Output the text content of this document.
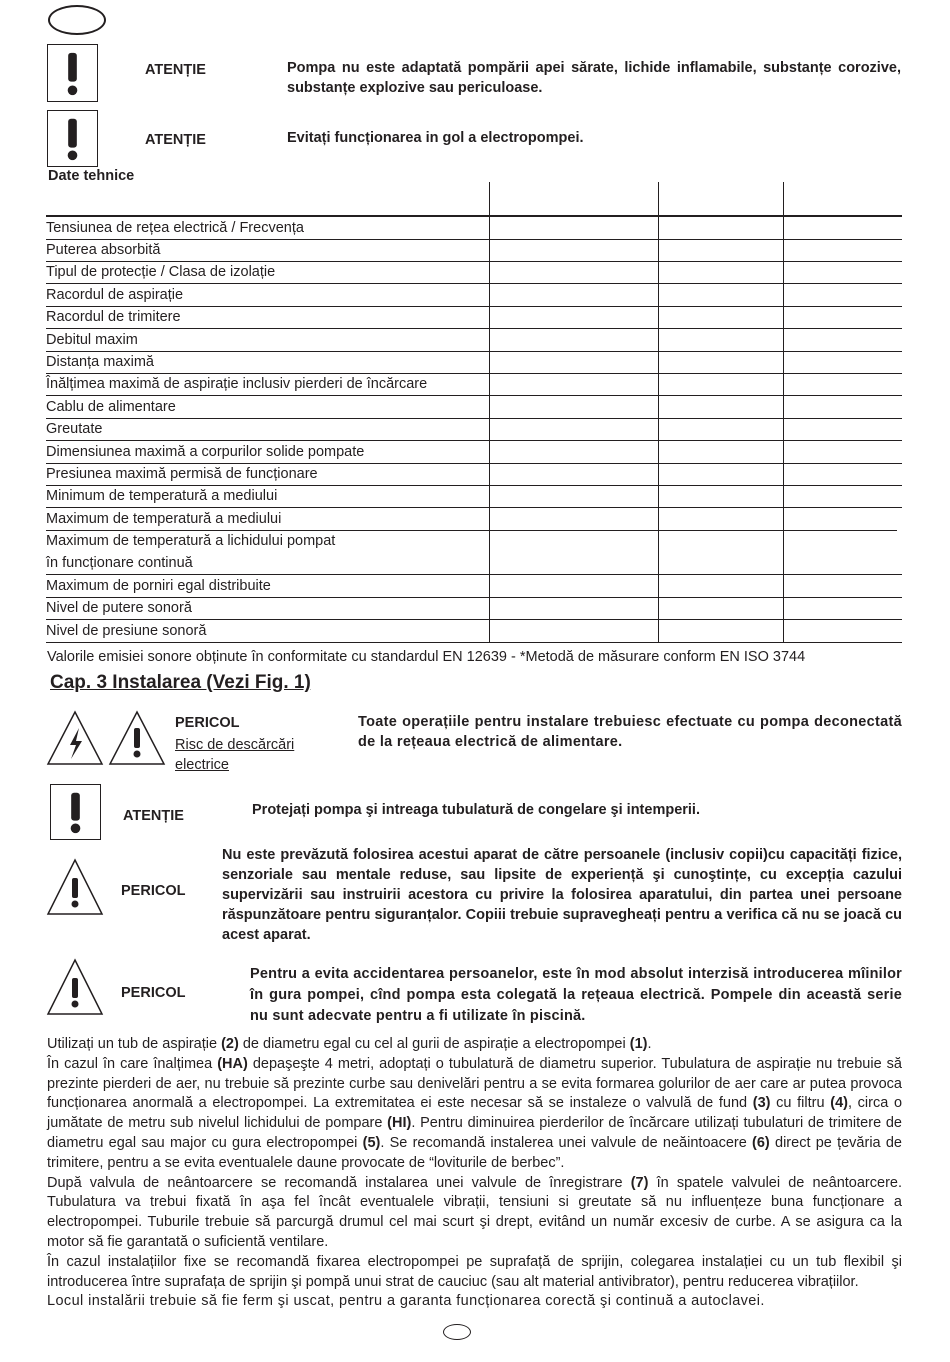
ATENȚIE	Pompa nu este adaptată pompării apei sărate, lichide inflamabile, substanțe corozive, substanțe explozive sau periculoase.
ATENȚIE	Evitați funcționarea in gol a electropompei.
Date tehnice
Tensiunea de rețea electrică / Frecvența
Puterea absorbită
Tipul de protecție / Clasa de izolație
Racordul de aspirație
Racordul de trimitere
Debitul maxim
Distanța maximă
Înălțimea maximă de aspirație inclusiv pierderi de încărcare
Cablu de alimentare
Greutate
Dimensiunea maximă a corpurilor solide pompate
Presiunea maximă permisă de funcționare
Minimum de temperatură a mediului
Maximum de temperatură a mediului
Maximum de temperatură a lichidului pompat
în funcționare continuă
Maximum de porniri egal distribuite
Nivel de putere sonoră
Nivel de presiune sonoră
Valorile emisiei sonore obținute în conformitate cu standardul EN 12639 - *Metodă de măsurare conform EN ISO 3744
Cap. 3 Instalarea (Vezi Fig. 1)
PERICOL
Risc de descărcări
electrice
Toate operațiile pentru instalare trebuiesc efectuate cu pompa deconectată de la rețeaua electrică de alimentare.
ATENȚIE	Protejați pompa şi intreaga tubulatură de congelare şi intemperii.
PERICOL
Nu este prevăzută folosirea acestui aparat de către persoanele (inclusiv copii)cu capacități fizice, senzoriale sau mentale reduse, sau lipsite de experiență şi cunoştințe, cu excepția cazului supervizării sau instruirii acestora cu privire la folosirea aparatului, din partea unei persoane răspunzătoare pentru siguranțalor. Copiii trebuie supravegheați pentru a verifica că nu se joacă cu acest aparat.
PERICOL
Pentru a evita accidentarea persoanelor, este în mod absolut interzisă introducerea mîinilor în gura pompei, cînd pompa esta colegată la rețeaua electrică. Pompele din această serie nu sunt adecvate pentru a fi utilizate în piscină.

Utilizați un tub de aspirație (2) de diametru egal cu cel al gurii de aspirație a electropompei (1).

În cazul în care înalțimea (HA) depaşeşte 4 metri, adoptați o tubulatură de diametru superior. Tubulatura de aspirație nu trebuie să prezinte pierderi de aer, nu trebuie să prezinte curbe sau denivelări pentru a se evita formarea golurilor de aer care ar putea provoca funcționarea anormală a electropompei. La extremitatea ei este necesar să se instaleze o valvulă de fund (3) cu filtru (4), circa o jumătate de metru sub nivelul lichidului de pompare (HI). Pentru diminuirea pierderilor de încărcare utilizați tubulaturi de trimitere de diametru egal sau major cu gura electropompei (5). Se recomandă instalerea unei valvule de neăintoacere (6) direct pe țevăria de trimitere, pentru a se evita eventualele daune provocate de “loviturile de berbec”.

După valvula de neântoarcere se recomandă instalarea unei valvule de înregistrare (7) în spatele valvulei de neântoarcere. Tubulatura va trebui fixată în aşa fel încât eventualele vibrații, tensiuni si greutate să nu influențeze buna funcționare a electropompei. Tuburile trebuie să parcurgă drumul cel mai scurt şi drept, evitând un număr excesiv de curbe. A se asigura ca la motor să fie garantată o suficientă ventilare.

În cazul instalațiilor fixe se recomandă fixarea electropompei pe suprafață de sprijin, colegarea instalației cu un tub flexibil şi introducerea între suprafața de sprijin şi pompă unui strat de cauciuc (sau alt material antivibrator), pentru reducerea vibrațiilor.

Locul instalării trebuie să fie ferm şi uscat, pentru a garanta funcționarea corectă şi continuă a autoclavei.
